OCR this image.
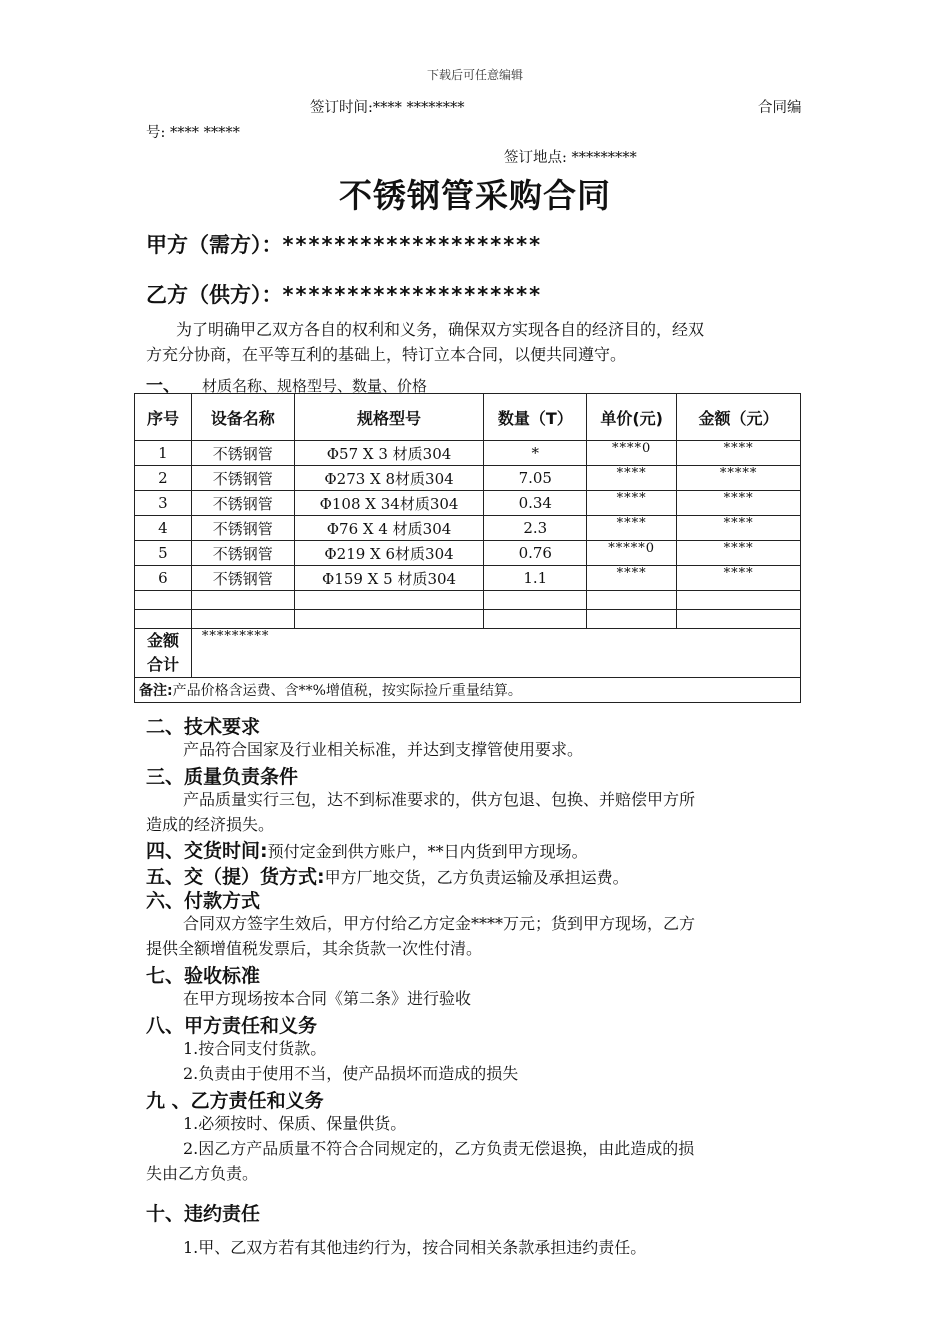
下载后可任意编辑
签订时间:**** ********	合同编
号: **** *****
签订地点: *********
不锈钢管采购合同
甲方（需方）：********************
乙方（供方）：********************
为了明确甲乙双方各自的权利和义务，确保双方实现各自的经济目的，经双
方充分协商，在平等互利的基础上，特订立本合同，以便共同遵守。
一、 材质名称、规格型号、数量、价格
序号	设备名称	规格型号	数量（T）	单价(元)	金额（元）
1	不锈钢管	Φ57 X 3 材质304	*	****0	****
2	不锈钢管	Φ273 X 8材质304	7.05	****	*****
3	不锈钢管	Φ108 X 34材质304	0.34	****	****
4	不锈钢管	Φ76 X 4 材质304	2.3	****	****
5	不锈钢管	Φ219 X 6材质304	0.76	*****0	****
6	不锈钢管	Φ159 X 5 材质304	1.1	****	****

金额
合计	*********				
备注:产品价格含运费、含**%增值税，按实际捡斤重量结算。					
二、技术要求
产品符合国家及行业相关标准，并达到支撑管使用要求。
三、质量负责条件
产品质量实行三包，达不到标准要求的，供方包退、包换、并赔偿甲方所
造成的经济损失。
四、交货时间:预付定金到供方账户，**日内货到甲方现场。
五、交（提）货方式:甲方厂地交货，乙方负责运输及承担运费。
六、付款方式
合同双方签字生效后，甲方付给乙方定金****万元；货到甲方现场，乙方
提供全额增值税发票后，其余货款一次性付清。
七、验收标准
在甲方现场按本合同《第二条》进行验收
八、甲方责任和义务
1.按合同支付货款。
2.负责由于使用不当，使产品损坏而造成的损失
九 、乙方责任和义务
1.必须按时、保质、保量供货。
2.因乙方产品质量不符合合同规定的，乙方负责无偿退换，由此造成的损
失由乙方负责。
十、违约责任
1.甲、乙双方若有其他违约行为，按合同相关条款承担违约责任。
